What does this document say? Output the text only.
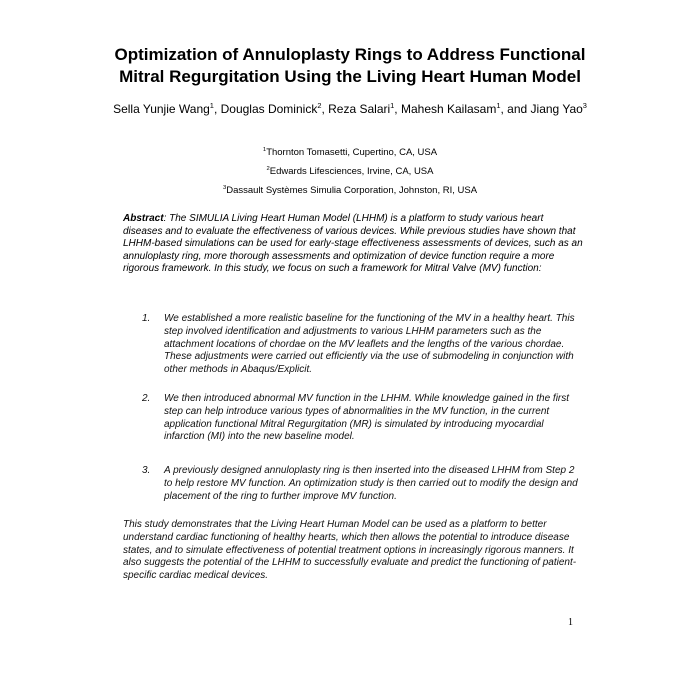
Optimization of Annuloplasty Rings to Address Functional
Mitral Regurgitation Using the Living Heart Human Model
Sella Yunjie Wang$^1$, Douglas Dominick$^2$, Reza Salari$^1$, Mahesh Kailasam$^1$, and Jiang Yao$^3$
$^1$Thornton Tomasetti, Cupertino, CA, USA
$^2$Edwards Lifesciences, Irvine, CA, USA
$^3$Dassault Systèmes Simulia Corporation, Johnston, RI, USA
Abstract: The SIMULIA Living Heart Human Model (LHHM) is a platform to study various heart diseases and to evaluate the effectiveness of various devices. While previous studies have shown that LHHM-based simulations can be used for early-stage effectiveness assessments of devices, such as an annuloplasty ring, more thorough assessments and optimization of device function require a more rigorous framework. In this study, we focus on such a framework for Mitral Valve (MV) function:
1.	We established a more realistic baseline for the functioning of the MV in a healthy heart. This step involved identification and adjustments to various LHHM parameters such as the attachment locations of chordae on the MV leaflets and the lengths of the various chordae. These adjustments were carried out efficiently via the use of submodeling in conjunction with other methods in Abaqus/Explicit.
2.	We then introduced abnormal MV function in the LHHM. While knowledge gained in the first step can help introduce various types of abnormalities in the MV function, in the current application functional Mitral Regurgitation (MR) is simulated by introducing myocardial infarction (MI) into the new baseline model.
3.	A previously designed annuloplasty ring is then inserted into the diseased LHHM from Step 2 to help restore MV function. An optimization study is then carried out to modify the design and placement of the ring to further improve MV function.
This study demonstrates that the Living Heart Human Model can be used as a platform to better understand cardiac functioning of healthy hearts, which then allows the potential to introduce disease states, and to simulate effectiveness of potential treatment options in increasingly rigorous manners. It also suggests the potential of the LHHM to successfully evaluate and predict the functioning of patient-specific cardiac medical devices.
1
